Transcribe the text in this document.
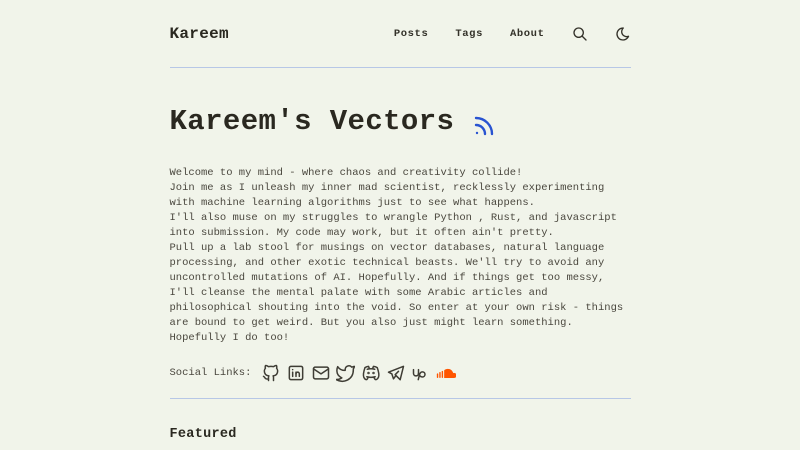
Kareem	Posts	Tags	About
Kareem's Vectors

Welcome to my mind - where chaos and creativity collide!

Join me as I unleash my inner mad scientist, recklessly experimenting with machine learning algorithms just to see what happens.

I'll also muse on my struggles to wrangle Python , Rust, and javascript into submission. My code may work, but it often ain't pretty.

Pull up a lab stool for musings on vector databases, natural language processing, and other exotic technical beasts. We'll try to avoid any uncontrolled mutations of AI. Hopefully. And if things get too messy, I'll cleanse the mental palate with some Arabic articles and philosophical shouting into the void. So enter at your own risk - things are bound to get weird. But you also just might learn something. Hopefully I do too!

Social Links:
Featured
